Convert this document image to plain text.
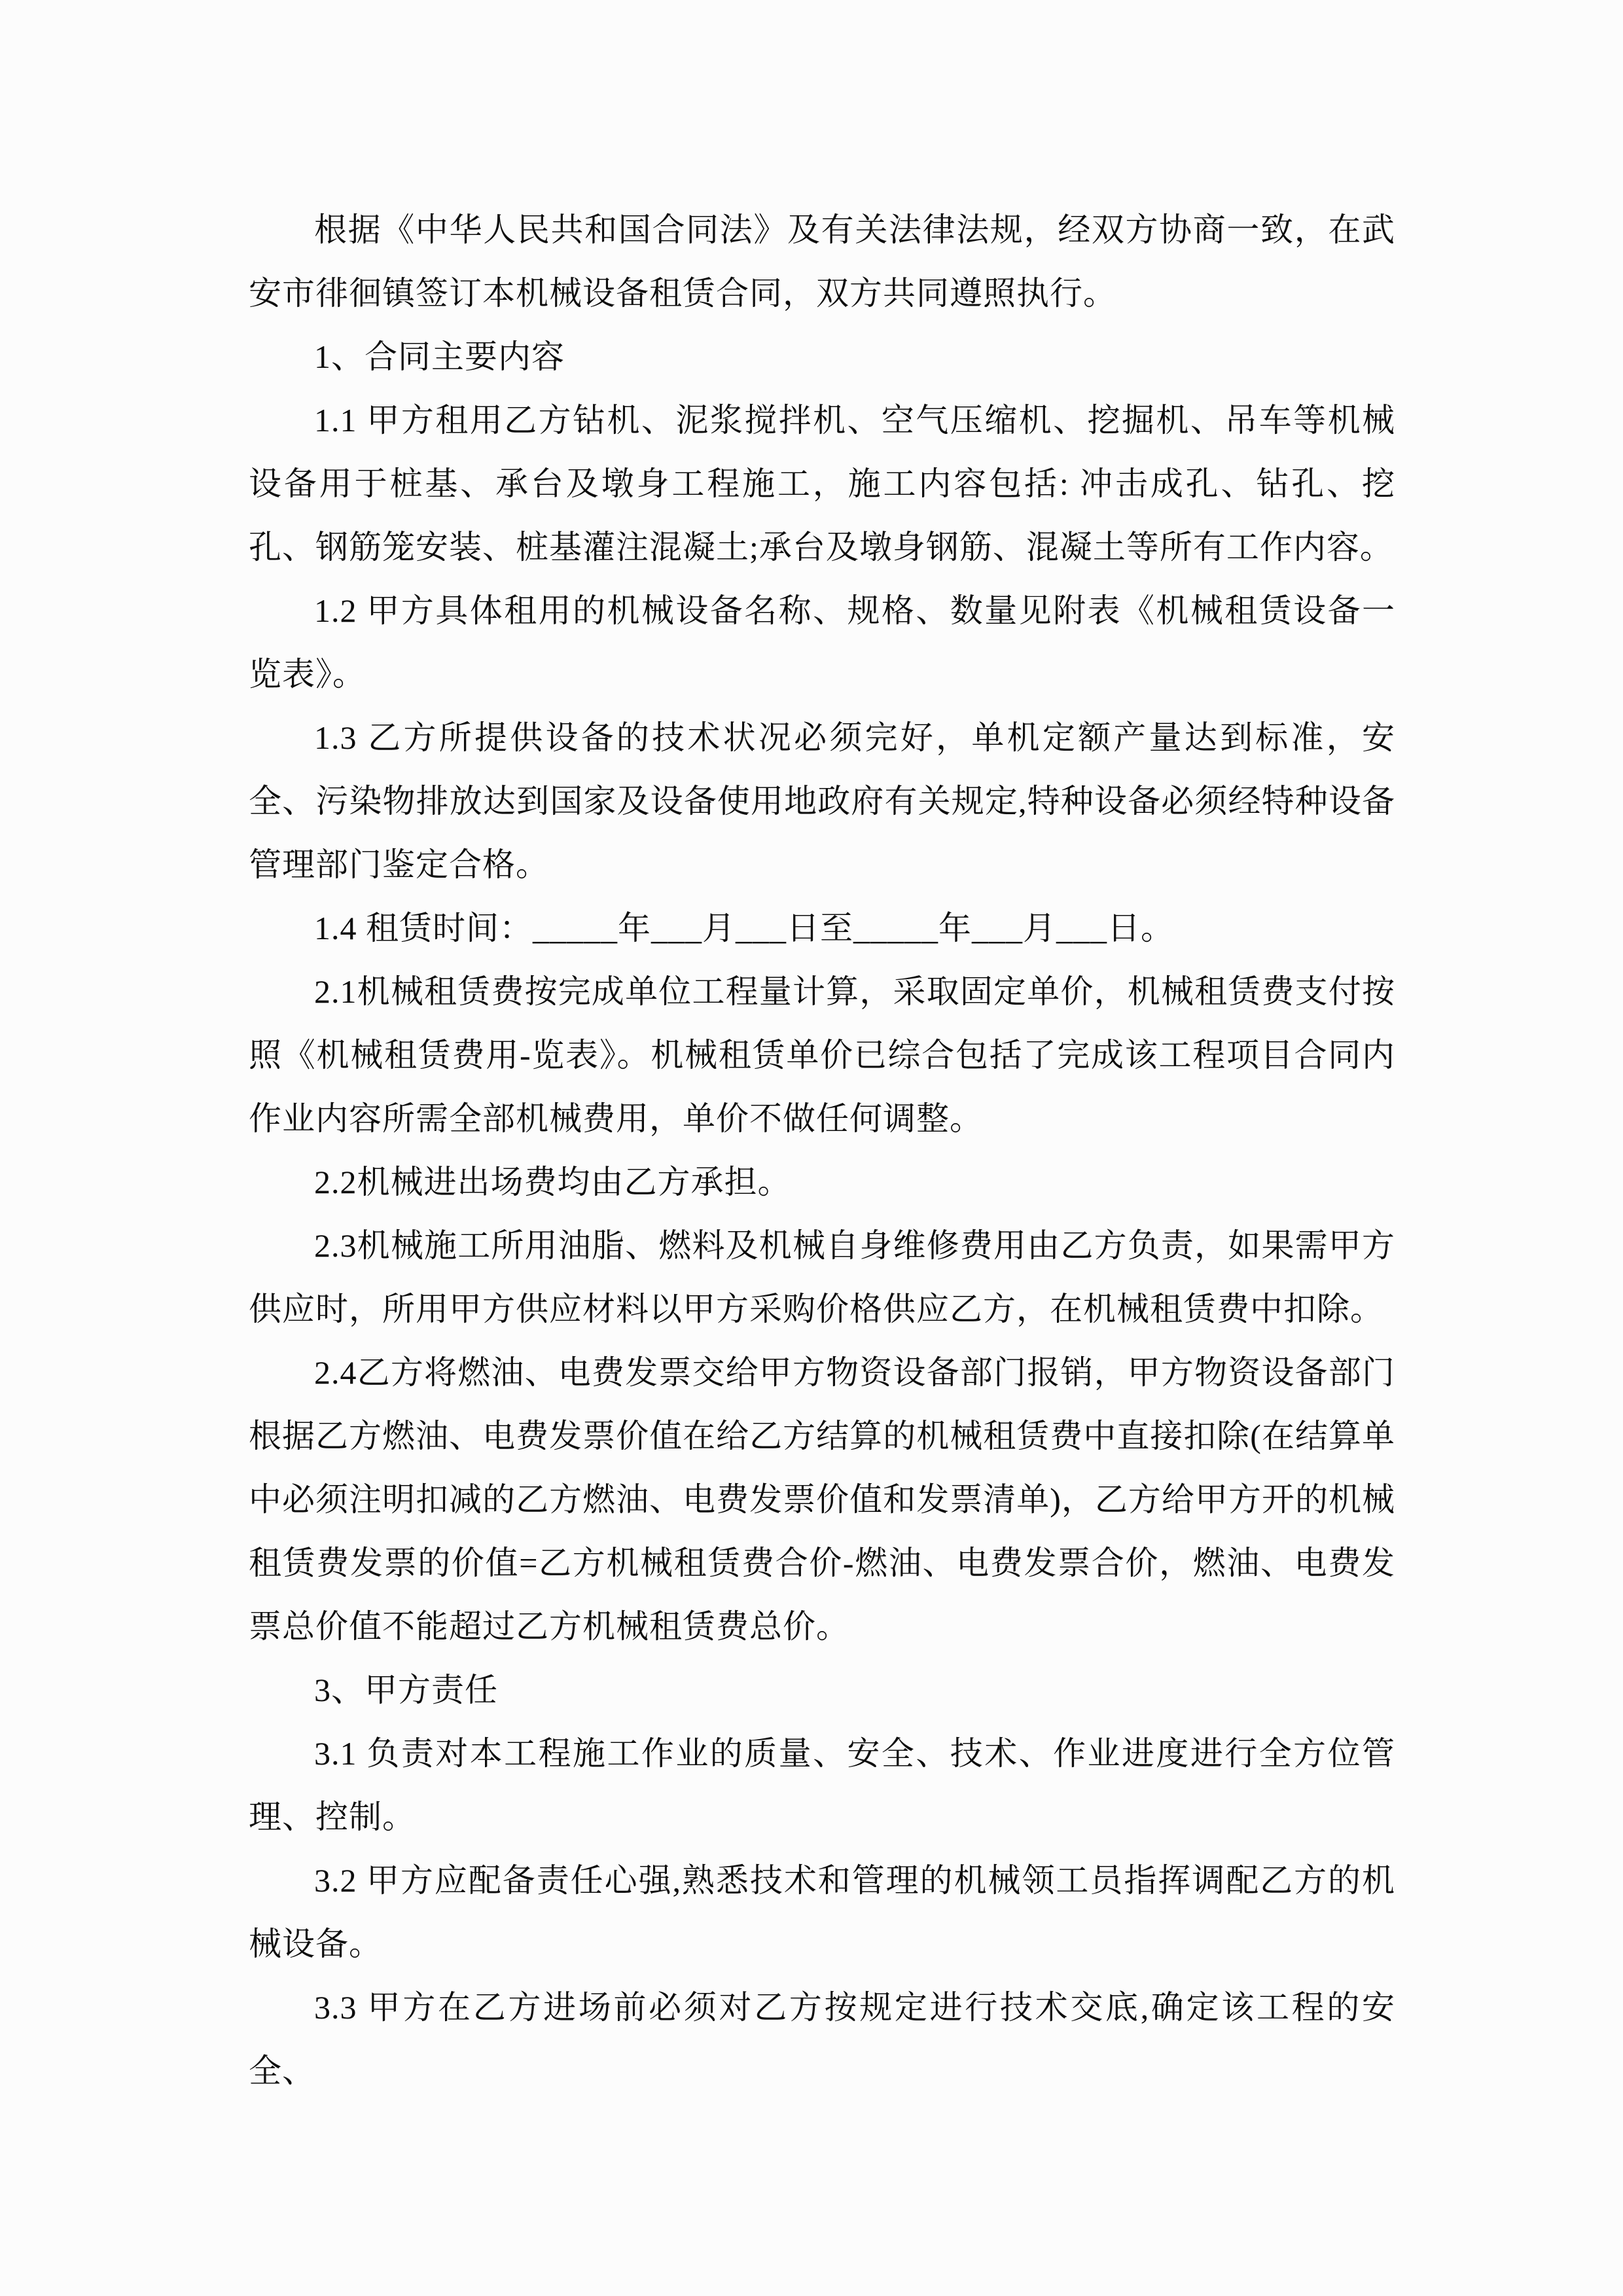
根据《中华人民共和国合同法》及有关法律法规，经双方协商一致，在武安市徘徊镇签订本机械设备租赁合同，双方共同遵照执行。

1、合同主要内容

1.1 甲方租用乙方钻机、泥浆搅拌机、空气压缩机、挖掘机、吊车等机械设备用于桩基、承台及墩身工程施工，施工内容包括: 冲击成孔、钻孔、挖孔、钢筋笼安装、桩基灌注混凝土;承台及墩身钢筋、混凝土等所有工作内容。

1.2 甲方具体租用的机械设备名称、规格、数量见附表《机械租赁设备一览表》。

1.3 乙方所提供设备的技术状况必须完好，单机定额产量达到标准，安全、污染物排放达到国家及设备使用地政府有关规定,特种设备必须经特种设备管理部门鉴定合格。

1.4 租赁时间：_____年___月___日至_____年___月___日。

2.1机械租赁费按完成单位工程量计算，采取固定单价，机械租赁费支付按照《机械租赁费用-览表》。机械租赁单价已综合包括了完成该工程项目合同内作业内容所需全部机械费用，单价不做任何调整。

2.2机械进出场费均由乙方承担。

2.3机械施工所用油脂、燃料及机械自身维修费用由乙方负责，如果需甲方供应时，所用甲方供应材料以甲方采购价格供应乙方，在机械租赁费中扣除。

2.4乙方将燃油、电费发票交给甲方物资设备部门报销，甲方物资设备部门根据乙方燃油、电费发票价值在给乙方结算的机械租赁费中直接扣除(在结算单中必须注明扣减的乙方燃油、电费发票价值和发票清单)，乙方给甲方开的机械租赁费发票的价值=乙方机械租赁费合价-燃油、电费发票合价，燃油、电费发票总价值不能超过乙方机械租赁费总价。

3、甲方责任

3.1 负责对本工程施工作业的质量、安全、技术、作业进度进行全方位管理、控制。

3.2 甲方应配备责任心强,熟悉技术和管理的机械领工员指挥调配乙方的机械设备。

3.3 甲方在乙方进场前必须对乙方按规定进行技术交底,确定该工程的安全、
